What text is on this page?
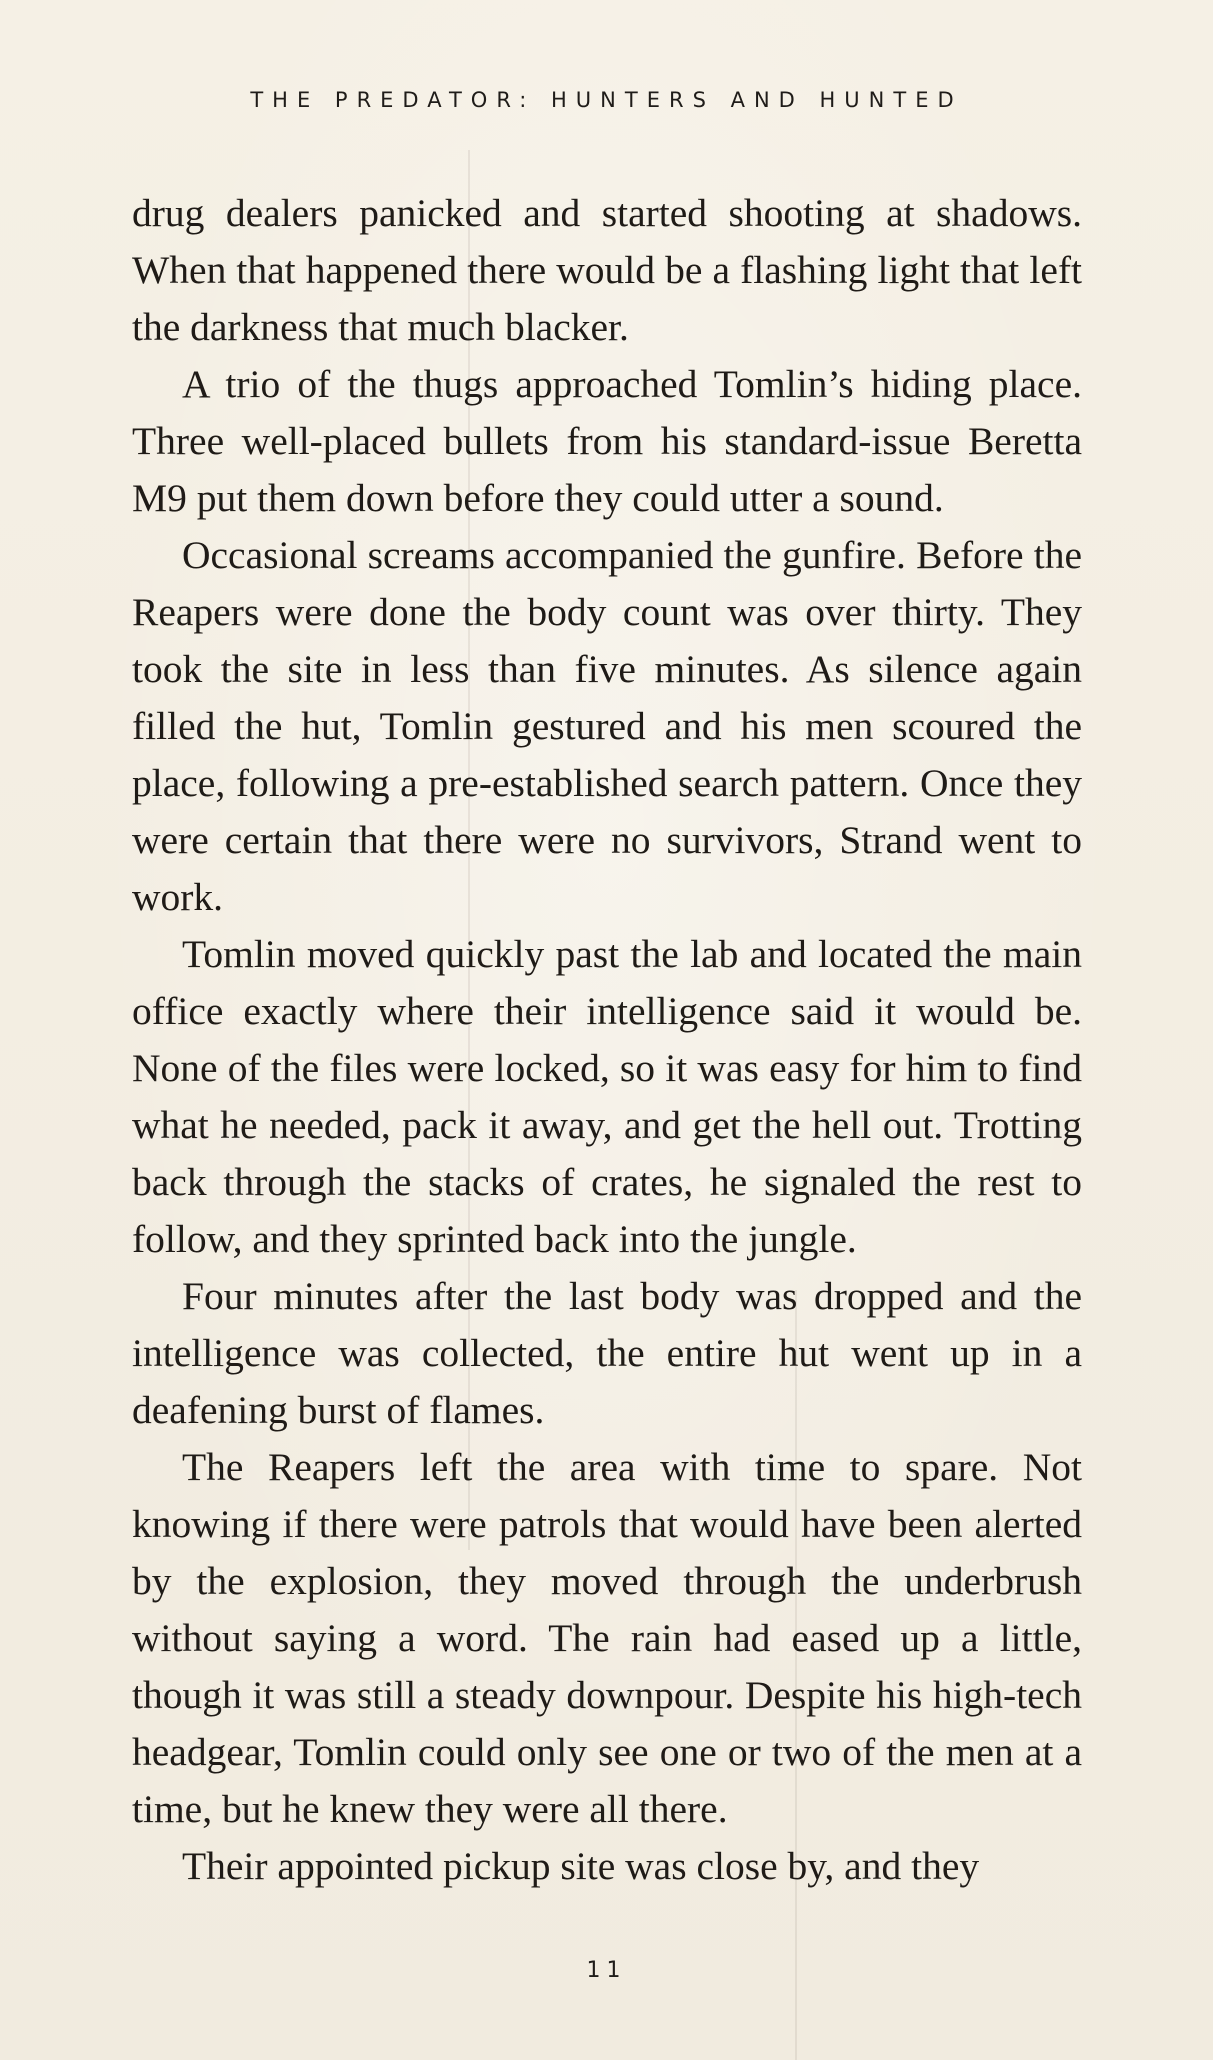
THE PREDATOR: HUNTERS AND HUNTED

drug dealers panicked and started shooting at shadows. When that happened there would be a flashing light that left the darkness that much blacker.

A trio of the thugs approached Tomlin’s hiding place. Three well-placed bullets from his standard-issue Beretta M9 put them down before they could utter a sound.

Occasional screams accompanied the gunfire. Before the Reapers were done the body count was over thirty. They took the site in less than five minutes. As silence again filled the hut, Tomlin gestured and his men scoured the place, following a pre-established search pattern. Once they were certain that there were no survivors, Strand went to work.

Tomlin moved quickly past the lab and located the main office exactly where their intelligence said it would be. None of the files were locked, so it was easy for him to find what he needed, pack it away, and get the hell out. Trotting back through the stacks of crates, he signaled the rest to follow, and they sprinted back into the jungle.

Four minutes after the last body was dropped and the intelligence was collected, the entire hut went up in a deafening burst of flames.

The Reapers left the area with time to spare. Not knowing if there were patrols that would have been alerted by the explosion, they moved through the underbrush without saying a word. The rain had eased up a little, though it was still a steady downpour. Despite his high-tech headgear, Tomlin could only see one or two of the men at a time, but he knew they were all there.

Their appointed pickup site was close by, and they

11
